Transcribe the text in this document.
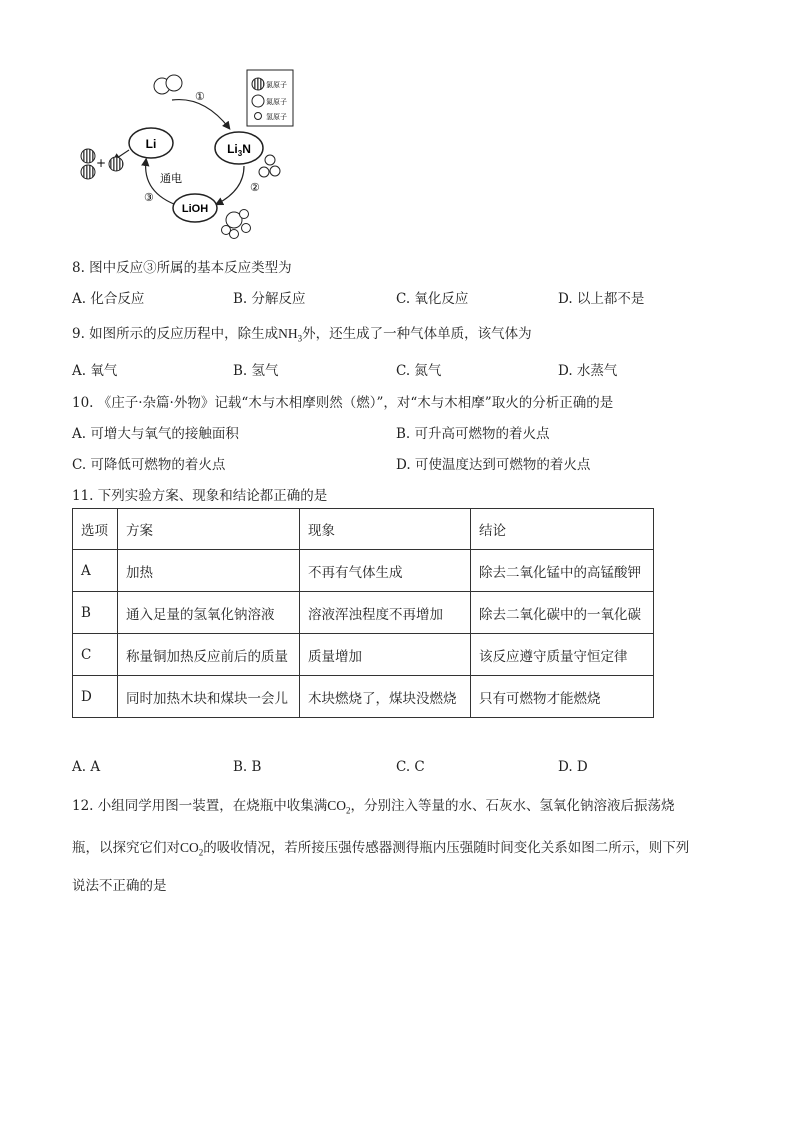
Li	$Li_3N$
LiOH
①
②
③
通电
+
氯原子
氮原子
氢原子
8. 图中反应③所属的基本反应类型为
A. 化合反应	B. 分解反应	C. 氧化反应	D. 以上都不是
9. 如图所示的反应历程中，除生成$NH_3$外，还生成了一种气体单质，该气体为
A. 氧气	B. 氢气	C. 氮气	D. 水蒸气
10. 《庄子·杂篇·外物》记载“木与木相摩则然（燃）”，对“木与木相摩”取火的分析正确的是
A. 可增大与氧气的接触面积	B. 可升高可燃物的着火点
C. 可降低可燃物的着火点	D. 可使温度达到可燃物的着火点
11. 下列实验方案、现象和结论都正确的是
选项	方案	现象	结论
A	加热	不再有气体生成	除去二氧化锰中的高锰酸钾
B	通入足量的氢氧化钠溶液	溶液浑浊程度不再增加	除去二氧化碳中的一氧化碳
C	称量铜加热反应前后的质量	质量增加	该反应遵守质量守恒定律
D	同时加热木块和煤块一会儿	木块燃烧了，煤块没燃烧	只有可燃物才能燃烧
A. A	B. B	C. C	D. D
12. 小组同学用图一装置，在烧瓶中收集满$CO_2$，分别注入等量的水、石灰水、氢氧化钠溶液后振荡烧
瓶，以探究它们对$CO_2$的吸收情况，若所接压强传感器测得瓶内压强随时间变化关系如图二所示，则下列
说法不正确的是
